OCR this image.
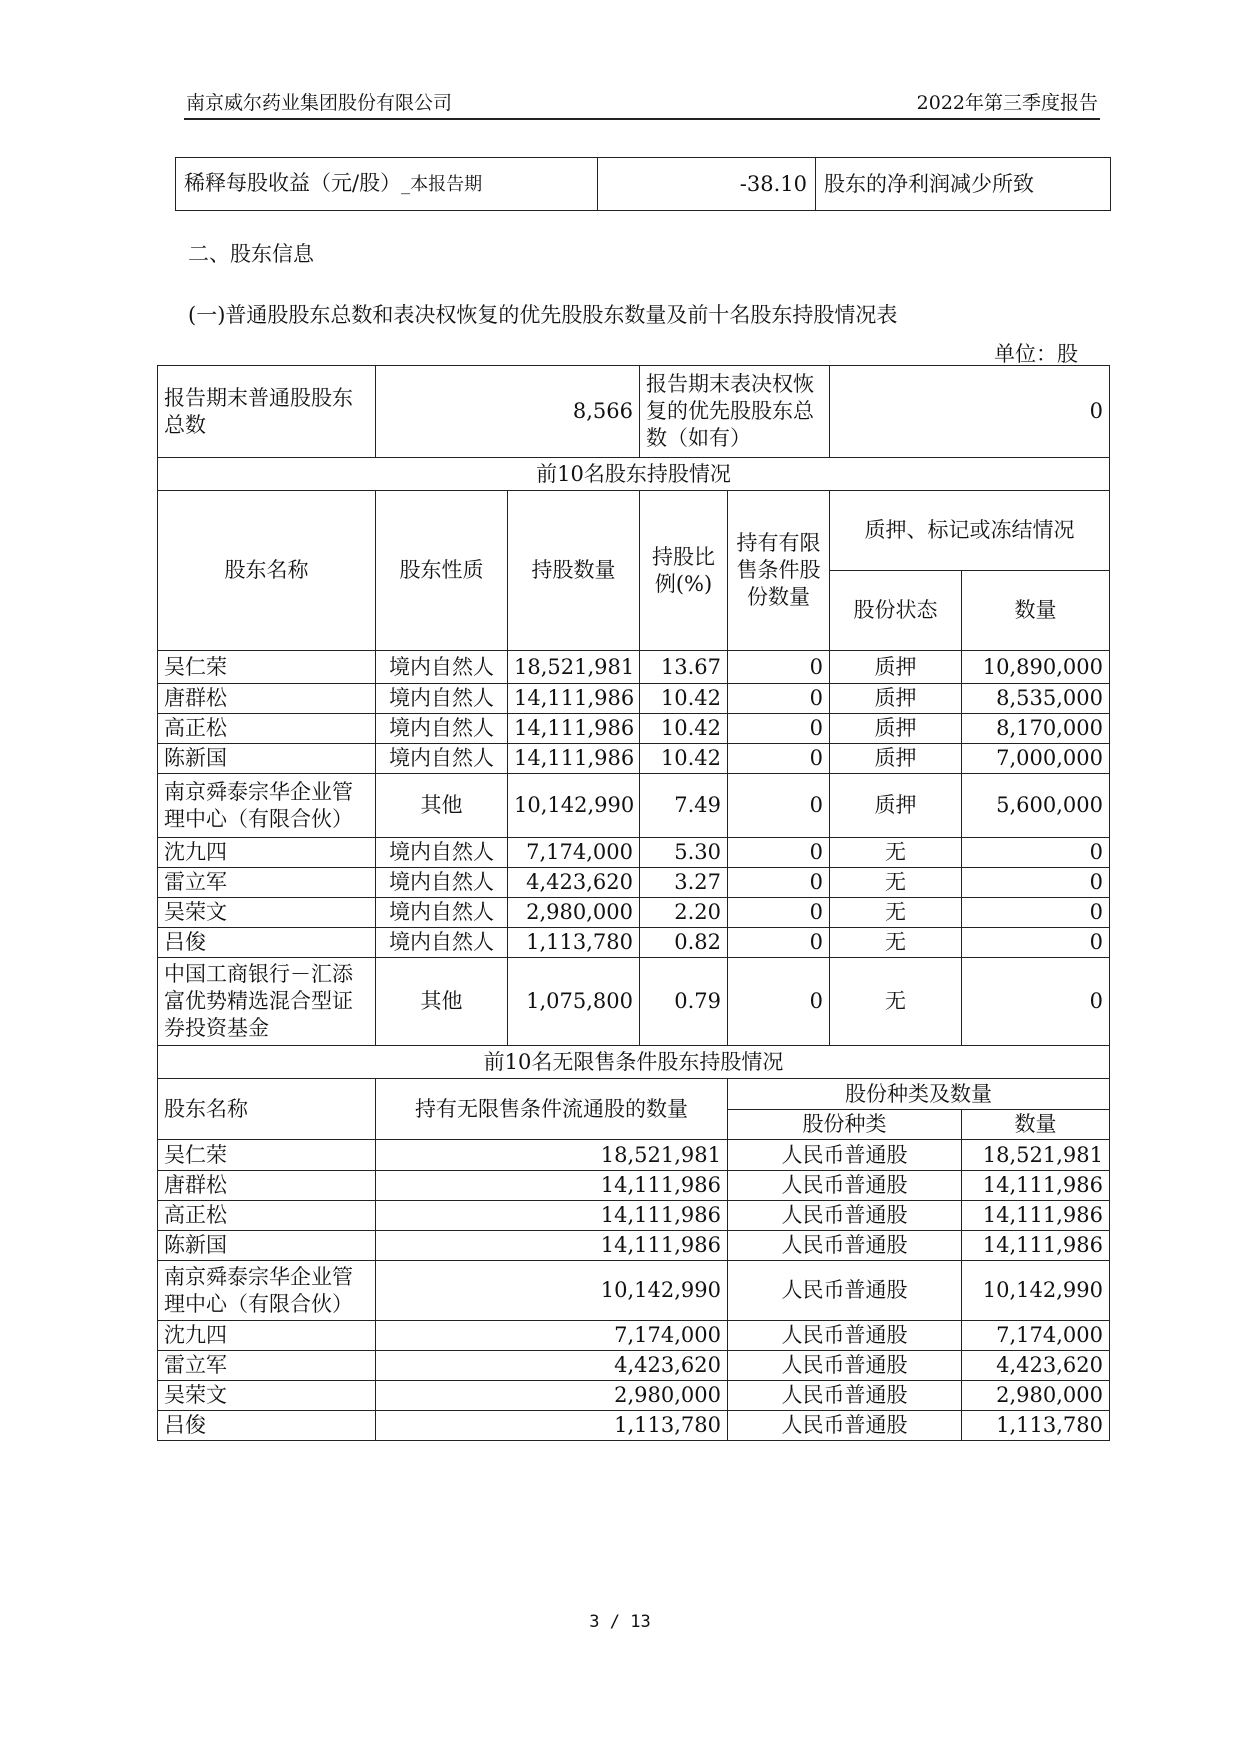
南京威尔药业集团股份有限公司	2022年第三季度报告
稀释每股收益（元/股）_本报告期	-38.10	股东的净利润减少所致
二、股东信息
(一)普通股股东总数和表决权恢复的优先股股东数量及前十名股东持股情况表
单位：股
报告期末普通股股东总数	8,566		报告期末表决权恢复的优先股股东总数（如有）		0	
前10名股东持股情况						
股东名称	股东性质	持股数量	持股比例(%)	持有有限售条件股份数量	质押、标记或冻结情况	
					股份状态	数量
吴仁荣	境内自然人	18,521,981	13.67	0	质押	10,890,000
唐群松	境内自然人	14,111,986	10.42	0	质押	8,535,000
高正松	境内自然人	14,111,986	10.42	0	质押	8,170,000
陈新国	境内自然人	14,111,986	10.42	0	质押	7,000,000
南京舜泰宗华企业管理中心（有限合伙）	其他	10,142,990	7.49	0	质押	5,600,000
沈九四	境内自然人	7,174,000	5.30	0	无	0
雷立军	境内自然人	4,423,620	3.27	0	无	0
吴荣文	境内自然人	2,980,000	2.20	0	无	0
吕俊	境内自然人	1,113,780	0.82	0	无	0
中国工商银行－汇添富优势精选混合型证券投资基金	其他	1,075,800	0.79	0	无	0
前10名无限售条件股东持股情况						
股东名称	持有无限售条件流通股的数量			股份种类及数量		
				股份种类		数量
吴仁荣	18,521,981			人民币普通股		18,521,981
唐群松	14,111,986			人民币普通股		14,111,986
高正松	14,111,986			人民币普通股		14,111,986
陈新国	14,111,986			人民币普通股		14,111,986
南京舜泰宗华企业管理中心（有限合伙）	10,142,990			人民币普通股		10,142,990
沈九四	7,174,000			人民币普通股		7,174,000
雷立军	4,423,620			人民币普通股		4,423,620
吴荣文	2,980,000			人民币普通股		2,980,000
吕俊	1,113,780			人民币普通股		1,113,780
3 / 13
